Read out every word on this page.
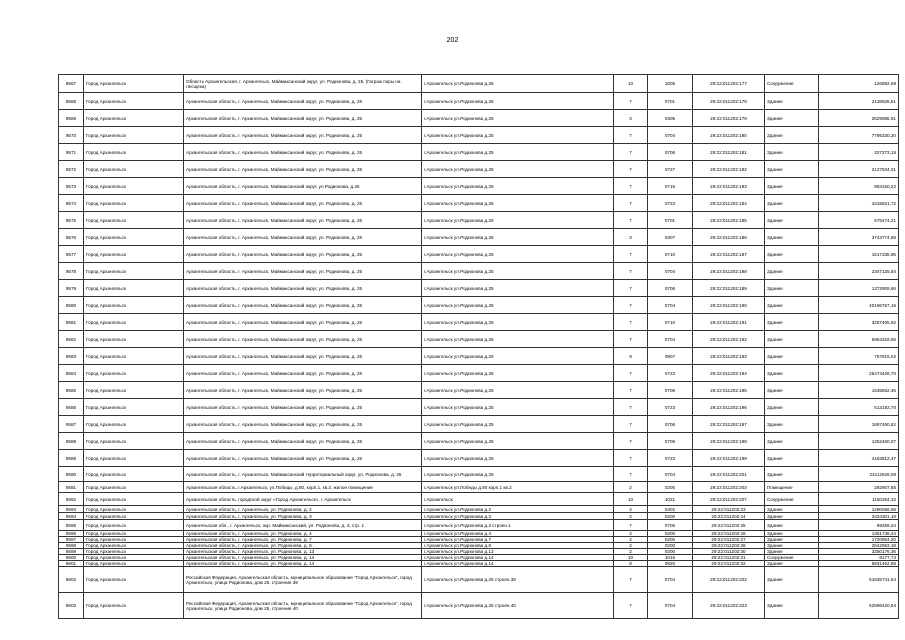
202
9567	Город Архангельск	Область Архангельская, г. Архангельск, Маймаксанский округ, ул. Родионова, д. 25, (Гаграж поры на лесщека)	г.Архангельск ул.Родионова д.25	10	1005	29:22:011202:177	Сооружение	126892,69
9568	Город Архангельск	Архангельская область, г. Архангельск, Маймаксанский округ, ул. Родионова, д. 25	г.Архангельск ул.Родионова д.25	7	0701	29:22:011202:178	Здание	2136826,51
9569	Город Архангельск	Архангельская область, г. Архангельск, Маймаксанский округ, ул. Родионова, д. 25	г.Архангельск ул.Родионова д.25	3	0305	29:22:011202:179	Здание	2529985,61
9570	Город Архангельск	Архангельская область, г. Архангельск, Маймаксанский округ, ул. Родионова, д. 25	г.Архангельск ул.Родионова д.25	7	0704	29:22:011202:180	Здание	7795330,20
9571	Город Архангельск	Архангельская область, г. Архангельск, Маймаксанский округ, ул. Родионова, д. 25	г.Архангельск ул.Родионова д.25	7	0706	29:22:011202:181	Здание	327273,15
9572	Город Архангельск	Архангельская область, г. Архангельск, Маймаксанский округ, ул. Родионова, д. 25	г.Архангельск ул.Родионова д.25	7	0727	29:22:011202:182	Здание	2127934,01
9573	Город Архангельск	Архангельская область, г. Архангельск, Маймаксанский округ, ул.Родионова, д.25	г.Архангельск ул.Родионова д.25	7	0715	29:22:011202:183	Здание	963150,22
9574	Город Архангельск	Архангельская область, г. Архангельск, Маймаксанский округ, ул. Родионова, д. 25	г.Архангельск ул.Родионова д.25	7	0723	29:22:011202:184	Здание	4315921,72
9575	Город Архангельск	Архангельская область, г. Архангельск, Маймаксанский округ, ул. Родионова, д. 25	г.Архангельск ул.Родионова д.25	7	0701	29:22:011202:185	Здание	675474,21
9576	Город Архангельск	Архангельская область, г. Архангельск, Маймаксанский округ, ул. Родионова, д. 25	г.Архангельск ул.Родионова д.25	3	0307	29:22:011202:186	Здание	3743774,69
9577	Город Архангельск	Архангельская область, г. Архангельск, Маймаксанский округ, ул. Родионова, д. 25	г.Архангельск ул.Родионова д.25	7	0710	29:22:011202:187	Здание	1617335,95
9578	Город Архангельск	Архангельская область, г. Архангельск, Маймаксанский округ, ул. Родионова, д. 25	г.Архангельск ул.Родионова д.25	7	0704	29:22:011202:188	Здание	2347125,84
9579	Город Архангельск	Архангельская область, г. Архангельск, Маймаксанский округ, ул. Родионова, д. 25	г.Архангельск ул.Родионова д.25	7	0706	29:22:011202:189	Здание	1372909,66
9580	Город Архангельск	Архангельская область, г. Архангельск, Маймаксанский округ, ул. Родионова, д. 25	г.Архангельск ул.Родионова д.25	7	0704	29:22:011202:190	Здание	40196767,15
9581	Город Архангельск	Архангельская область, г. Архангельск, Маймаксанский округ, ул. Родионова, д. 25	г.Архангельск ул.Родионова д.25	7	0710	29:22:011202:191	Здание	3257405,92
9582	Город Архангельск	Архангельская область, г. Архангельск, Маймаксанский округ, ул. Родионова, д. 25	г.Архангельск ул.Родионова д.25	7	0704	29:22:011202:192	Здание	5954318,06
9583	Город Архангельск	Архангельская область, г. Архангельск, Маймаксанский округ, ул. Родионова, д. 25	г.Архангельск ул.Родионова д.25	9	0907	29:22:011202:193	Здание	757815,02
9584	Город Архангельск	Архангельская область, г. Архангельск, Маймаксанский округ, ул. Родионова, д. 25	г.Архангельск ул.Родионова д.25	7	0723	29:22:011202:194	Здание	25474426,70
9585	Город Архангельск	Архангельская область, г. Архангельск, Маймаксанский округ, ул. Родионова, д. 25	г.Архангельск ул.Родионова д.25	7	0706	29:22:011202:195	Здание	1535562,46
9586	Город Архангельск	Архангельская область, г. Архангельск, Маймаксанский округ, ул. Родионова, д. 25	г.Архангельск ул.Родионова д.25	7	0723	29:22:011202:196	Здание	513192,70
9587	Город Архангельск	Архангельская область, г. Архангельск, Маймаксанский округ, ул. Родионова, д. 25	г.Архангельск ул.Родионова д.25	7	0706	29:22:011202:197	Здание	1897480,62
9588	Город Архангельск	Архангельская область, г. Архангельск, Маймаксанский округ, ул. Родионова, д. 25	г.Архангельск ул.Родионова д.25	7	0706	29:22:011202:198	Здание	1252450,07
9589	Город Архангельск	Архангельская область, г. Архангельск, Маймаксанский округ, ул. Родионова, д. 25	г.Архангельск ул.Родионова д.25	7	0723	29:22:011202:199	Здание	4153812,47
9590	Город Архангельск	Архангельская область, г. Архангельск, Маймаксанский территориальный округ, ул. Родионова, д. 25	г.Архангельск ул.Родионова д.25	7	0704	29:22:011202:201	Здание	24112526,09
9591	Город Архангельск	Архангельская область, г.Архангельск, ул.Победы, д.80, корп.1, кв.2, жилое помещение	г.Архангельск ул.Победы д.80 корп.1 кв.2	2	0200	29:22:011202:203	Помещение	292907,85
9592	Город Архангельск	Архангельская область, городской округ «Город Архангельск», г. Архангельск	г.Архангельск	10	1031	29:22:011202:207	Сооружение	1150364,33
9593	Город Архангельск	Архангельская область, г. Архангельск, ул. Родионова, д. 2	г.Архангельск ул.Родионова д.2	4	0402	29:22:011202:23	Здание	1290066,68
9594	Город Архангельск	Архангельская область, г. Архангельск, ул. Родионова, д. 3	г.Архангельск ул.Родионова д.3	2	0200	29:22:011202:24	Здание	3434301,18
9595	Город Архангельск	Архангельская обл., г. Архангельск, окр. Маймаксанский, ул. Родионова, д. 3, стр. 1	г.Архангельск ул.Родионова д.3 строен.1	7	0706	29:22:011202:25	Здание	89259,24
9596	Город Архангельск	Архангельская область, г. Архангельск, ул. Родионова, д. 4	г.Архангельск ул.Родионова д.4	2	0200	29:22:011202:26	Здание	1361738,44
9597	Город Архангельск	Архангельская область, г. Архангельск, ул. Родионова, д. 7	г.Архангельск ул.Родионова д.7	2	0200	29:22:011202:27	Здание	1720954,20
9598	Город Архангельск	Архангельская область, г. Архангельск, ул. Родионова, д. 8	г.Архангельск ул.Родионова д.8	2	0200	29:22:011202:28	Здание	2642963,18
9599	Город Архангельск	Архангельская область, г. Архангельск, ул. Родионова, д. 13	г.Архангельск ул.Родионова д.13	2	0200	29:22:011202:30	Здание	3250176,36
9600	Город Архангельск	Архангельская область, г. Архангельск, ул. Родионова, д. 14	г.Архангельск ул.Родионова д.14	10	1016	29:22:011202:31	Сооружение	8177,73
9601	Город Архангельск	Архангельская область, г. Архангельск, ул. Родионова, д. 14	г.Архангельск ул.Родионова д.14	8	0820	29:22:011202:32	Здание	5831452,68
9602	Город Архангельск	Российская Федерация, Архангельская область, муниципальное образование "Город Архангельск", город Архангельск, улица Родионова, дом 25, строение 39	г.Архангельск ул.Родионова д.25 строен.39	7	0704	29:22:011202:322	Здание	51635741,64
9603	Город Архангельск	Российская Федерация, Архангельская область, муниципальное образование "Город Архангельск", город Архангельск, улица Родионова, дом 25, строение 40	г.Архангельск ул.Родионова д.25 строен.40	7	0704	29:22:011202:323	Здание	52896420,54
